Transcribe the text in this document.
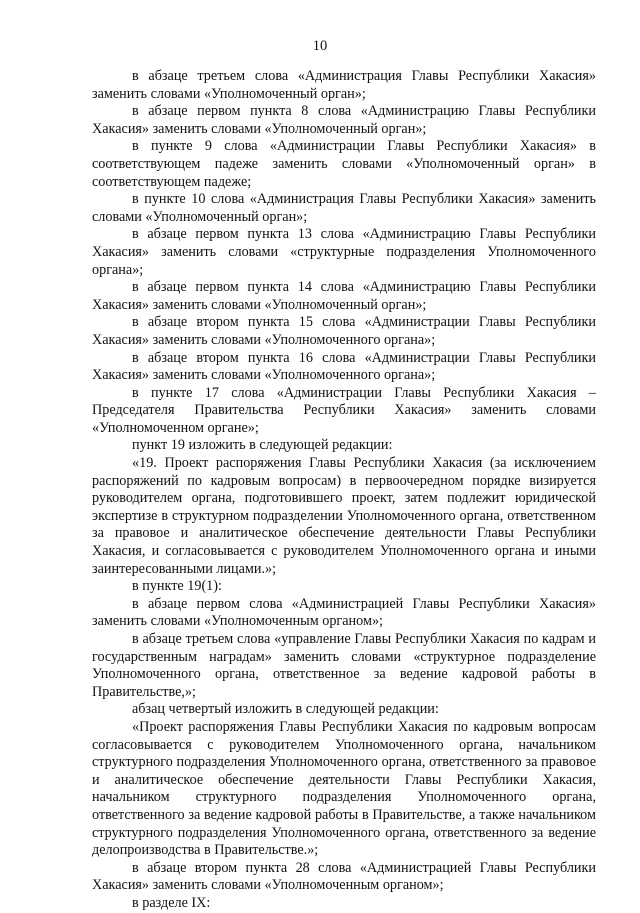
10

в абзаце третьем слова «Администрация Главы Республики Хакасия» заменить словами «Уполномоченный орган»;

в абзаце первом пункта 8 слова «Администрацию Главы Республики Хакасия» заменить словами «Уполномоченный орган»;

в пункте 9 слова «Администрации Главы Республики Хакасия» в соответствующем падеже заменить словами «Уполномоченный орган» в соответствующем падеже;

в пункте 10 слова «Администрация Главы Республики Хакасия» заменить словами «Уполномоченный орган»;

в абзаце первом пункта 13 слова «Администрацию Главы Республики Хакасия» заменить словами «структурные подразделения Уполномоченного органа»;

в абзаце первом пункта 14 слова «Администрацию Главы Республики Хакасия» заменить словами «Уполномоченный орган»;

в абзаце втором пункта 15 слова «Администрации Главы Республики Хакасия» заменить словами «Уполномоченного органа»;

в абзаце втором пункта 16 слова «Администрации Главы Республики Хакасия» заменить словами «Уполномоченного органа»;

в пункте 17 слова «Администрации Главы Республики Хакасия – Председателя Правительства Республики Хакасия» заменить словами «Уполномоченном органе»;

пункт 19 изложить в следующей редакции:

«19. Проект распоряжения Главы Республики Хакасия (за исключением распоряжений по кадровым вопросам) в первоочередном порядке визируется руководителем органа, подготовившего проект, затем подлежит юридической экспертизе в структурном подразделении Уполномоченного органа, ответственном за правовое и аналитическое обеспечение деятельности Главы Республики Хакасия, и согласовывается с руководителем Уполномоченного органа и иными заинтересованными лицами.»;

в пункте 19(1):

в абзаце первом слова «Администрацией Главы Республики Хакасия» заменить словами «Уполномоченным органом»;

в абзаце третьем слова «управление Главы Республики Хакасия по кадрам и государственным наградам» заменить словами «структурное подразделение Уполномоченного органа, ответственное за ведение кадровой работы в Правительстве,»;

абзац четвертый изложить в следующей редакции:

«Проект распоряжения Главы Республики Хакасия по кадровым вопросам согласовывается с руководителем Уполномоченного органа, начальником структурного подразделения Уполномоченного органа, ответственного за правовое и аналитическое обеспечение деятельности Главы Республики Хакасия, начальником структурного подразделения Уполномоченного органа, ответственного за ведение кадровой работы в Правительстве, а также начальником структурного подразделения Уполномоченного органа, ответственного за ведение делопроизводства в Правительстве.»;

в абзаце втором пункта 28 слова «Администрацией Главы Республики Хакасия» заменить словами «Уполномоченным органом»;

в разделе IX:
